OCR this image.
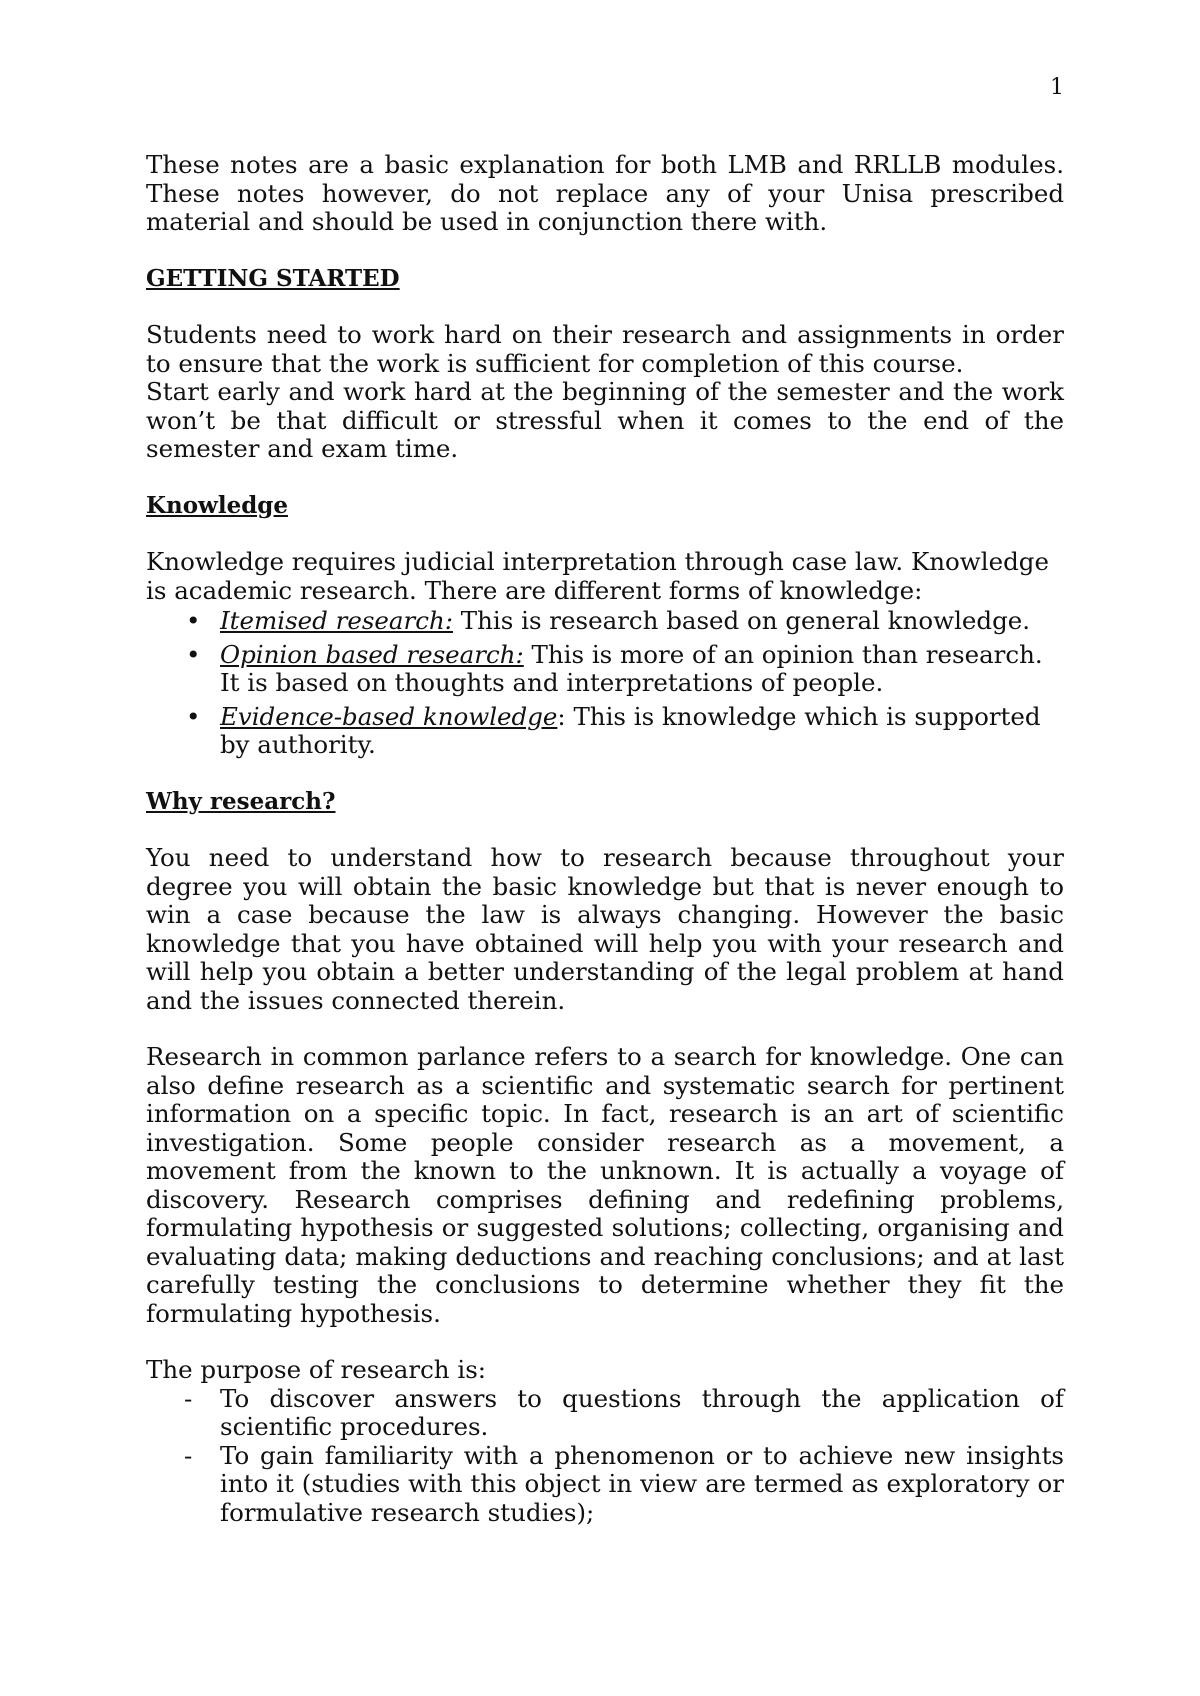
1

These notes are a basic explanation for both LMB and RRLLB modules. These notes however, do not replace any of your Unisa prescribed material and should be used in conjunction there with.

GETTING STARTED

Students need to work hard on their research and assignments in order to ensure that the work is sufficient for completion of this course.
Start early and work hard at the beginning of the semester and the work won’t be that difficult or stressful when it comes to the end of the semester and exam time.

Knowledge

Knowledge requires judicial interpretation through case law. Knowledge is academic research. There are different forms of knowledge:

• Itemised research: This is research based on general knowledge.
• Opinion based research: This is more of an opinion than research. It is based on thoughts and interpretations of people.
• Evidence-based knowledge: This is knowledge which is supported by authority.
Why research?

You need to understand how to research because throughout your degree you will obtain the basic knowledge but that is never enough to win a case because the law is always changing. However the basic knowledge that you have obtained will help you with your research and will help you obtain a better understanding of the legal problem at hand and the issues connected therein.

Research in common parlance refers to a search for knowledge. One can also define research as a scientific and systematic search for pertinent information on a specific topic. In fact, research is an art of scientific investigation. Some people consider research as a movement, a movement from the known to the unknown. It is actually a voyage of discovery. Research comprises defining and redefining problems, formulating hypothesis or suggested solutions; collecting, organising and evaluating data; making deductions and reaching conclusions; and at last carefully testing the conclusions to determine whether they fit the formulating hypothesis.

The purpose of research is:

- To discover answers to questions through the application of scientific procedures.
- To gain familiarity with a phenomenon or to achieve new insights into it (studies with this object in view are termed as exploratory or formulative research studies);
